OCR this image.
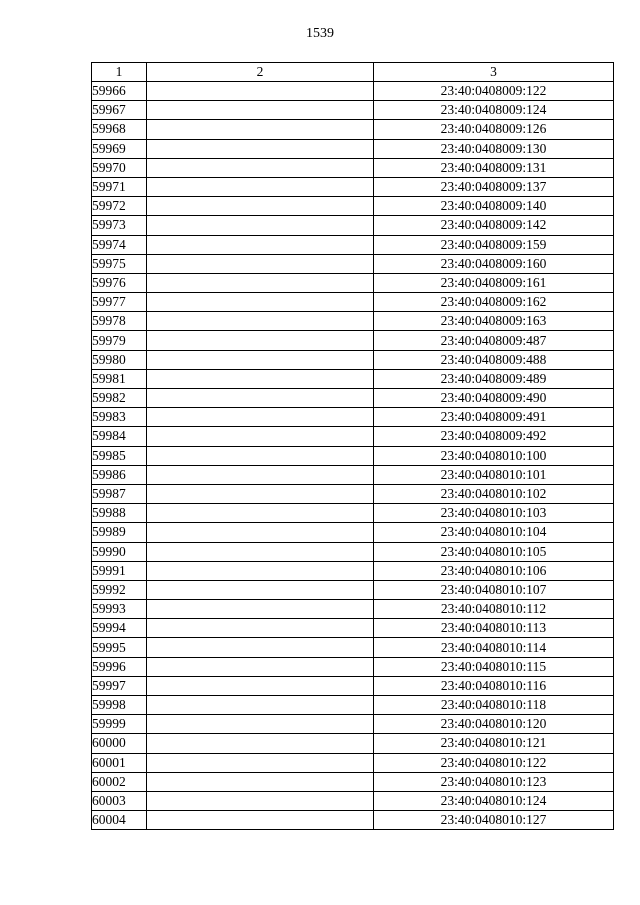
1539
1	2	3
59966		23:40:0408009:122
59967		23:40:0408009:124
59968		23:40:0408009:126
59969		23:40:0408009:130
59970		23:40:0408009:131
59971		23:40:0408009:137
59972		23:40:0408009:140
59973		23:40:0408009:142
59974		23:40:0408009:159
59975		23:40:0408009:160
59976		23:40:0408009:161
59977		23:40:0408009:162
59978		23:40:0408009:163
59979		23:40:0408009:487
59980		23:40:0408009:488
59981		23:40:0408009:489
59982		23:40:0408009:490
59983		23:40:0408009:491
59984		23:40:0408009:492
59985		23:40:0408010:100
59986		23:40:0408010:101
59987		23:40:0408010:102
59988		23:40:0408010:103
59989		23:40:0408010:104
59990		23:40:0408010:105
59991		23:40:0408010:106
59992		23:40:0408010:107
59993		23:40:0408010:112
59994		23:40:0408010:113
59995		23:40:0408010:114
59996		23:40:0408010:115
59997		23:40:0408010:116
59998		23:40:0408010:118
59999		23:40:0408010:120
60000		23:40:0408010:121
60001		23:40:0408010:122
60002		23:40:0408010:123
60003		23:40:0408010:124
60004		23:40:0408010:127
